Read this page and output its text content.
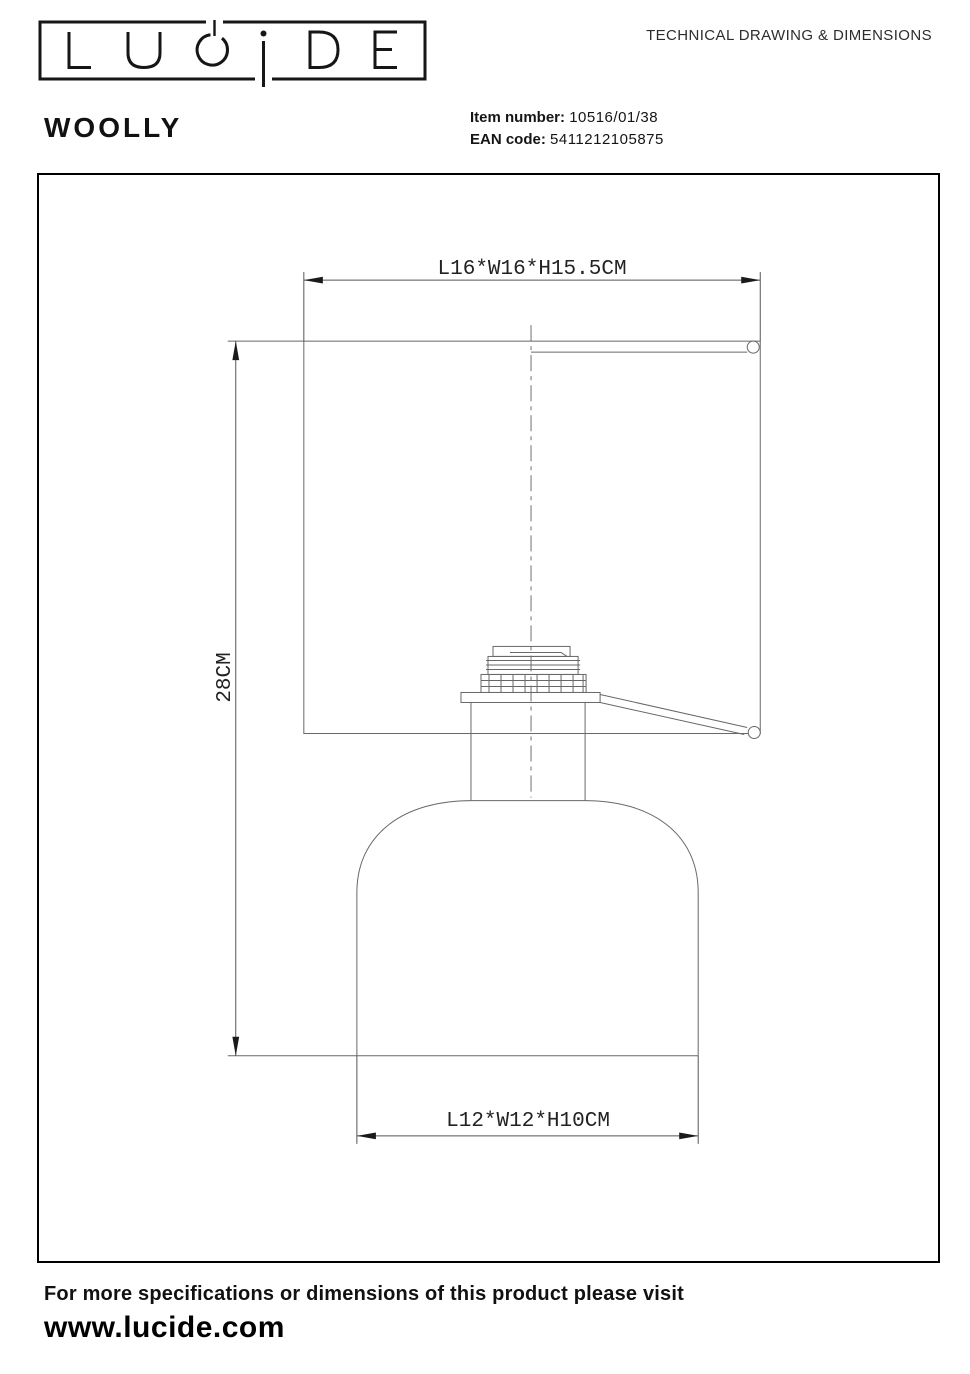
TECHNICAL DRAWING & DIMENSIONS
WOOLLY	Item number: 10516/01/38
EAN code: 5411212105875
L16*W16*H15.5CM
28CM
L12*W12*H10CM
For more specifications or dimensions of this product please visit
www.lucide.com
